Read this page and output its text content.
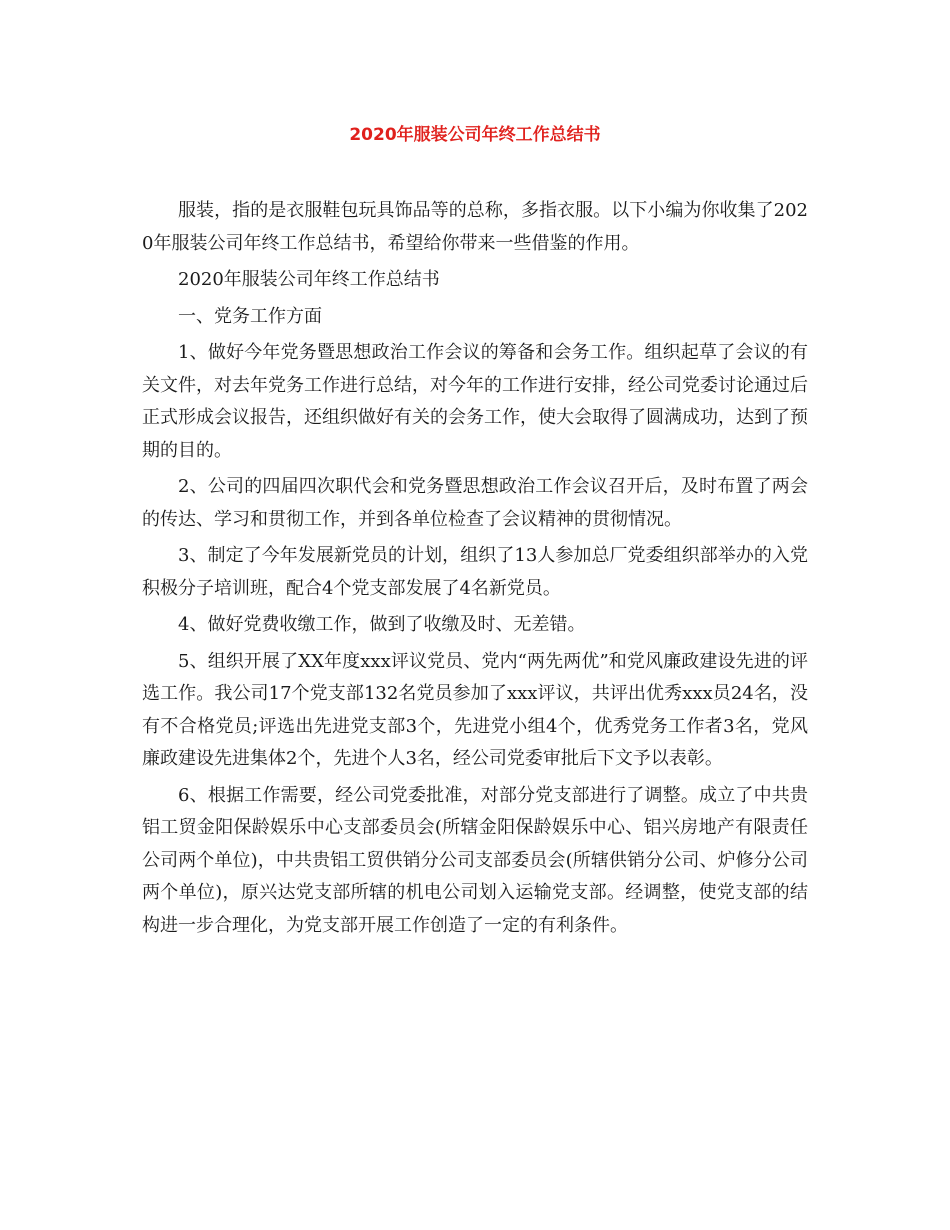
2020年服装公司年终工作总结书

服装，指的是衣服鞋包玩具饰品等的总称，多指衣服。以下小编为你收集了2020年服装公司年终工作总结书，希望给你带来一些借鉴的作用。

2020年服装公司年终工作总结书

一、党务工作方面

1、做好今年党务暨思想政治工作会议的筹备和会务工作。组织起草了会议的有关文件，对去年党务工作进行总结，对今年的工作进行安排，经公司党委讨论通过后正式形成会议报告，还组织做好有关的会务工作，使大会取得了圆满成功，达到了预期的目的。

2、公司的四届四次职代会和党务暨思想政治工作会议召开后，及时布置了两会的传达、学习和贯彻工作，并到各单位检查了会议精神的贯彻情况。

3、制定了今年发展新党员的计划，组织了13人参加总厂党委组织部举办的入党积极分子培训班，配合4个党支部发展了4名新党员。

4、做好党费收缴工作，做到了收缴及时、无差错。

5、组织开展了XX年度xxx评议党员、党内“两先两优”和党风廉政建设先进的评选工作。我公司17个党支部132名党员参加了xxx评议，共评出优秀xxx员24名，没有不合格党员;评选出先进党支部3个，先进党小组4个，优秀党务工作者3名，党风廉政建设先进集体2个，先进个人3名，经公司党委审批后下文予以表彰。

6、根据工作需要，经公司党委批准，对部分党支部进行了调整。成立了中共贵铝工贸金阳保龄娱乐中心支部委员会(所辖金阳保龄娱乐中心、铝兴房地产有限责任公司两个单位)，中共贵铝工贸供销分公司支部委员会(所辖供销分公司、炉修分公司两个单位)，原兴达党支部所辖的机电公司划入运输党支部。经调整，使党支部的结构进一步合理化，为党支部开展工作创造了一定的有利条件。
